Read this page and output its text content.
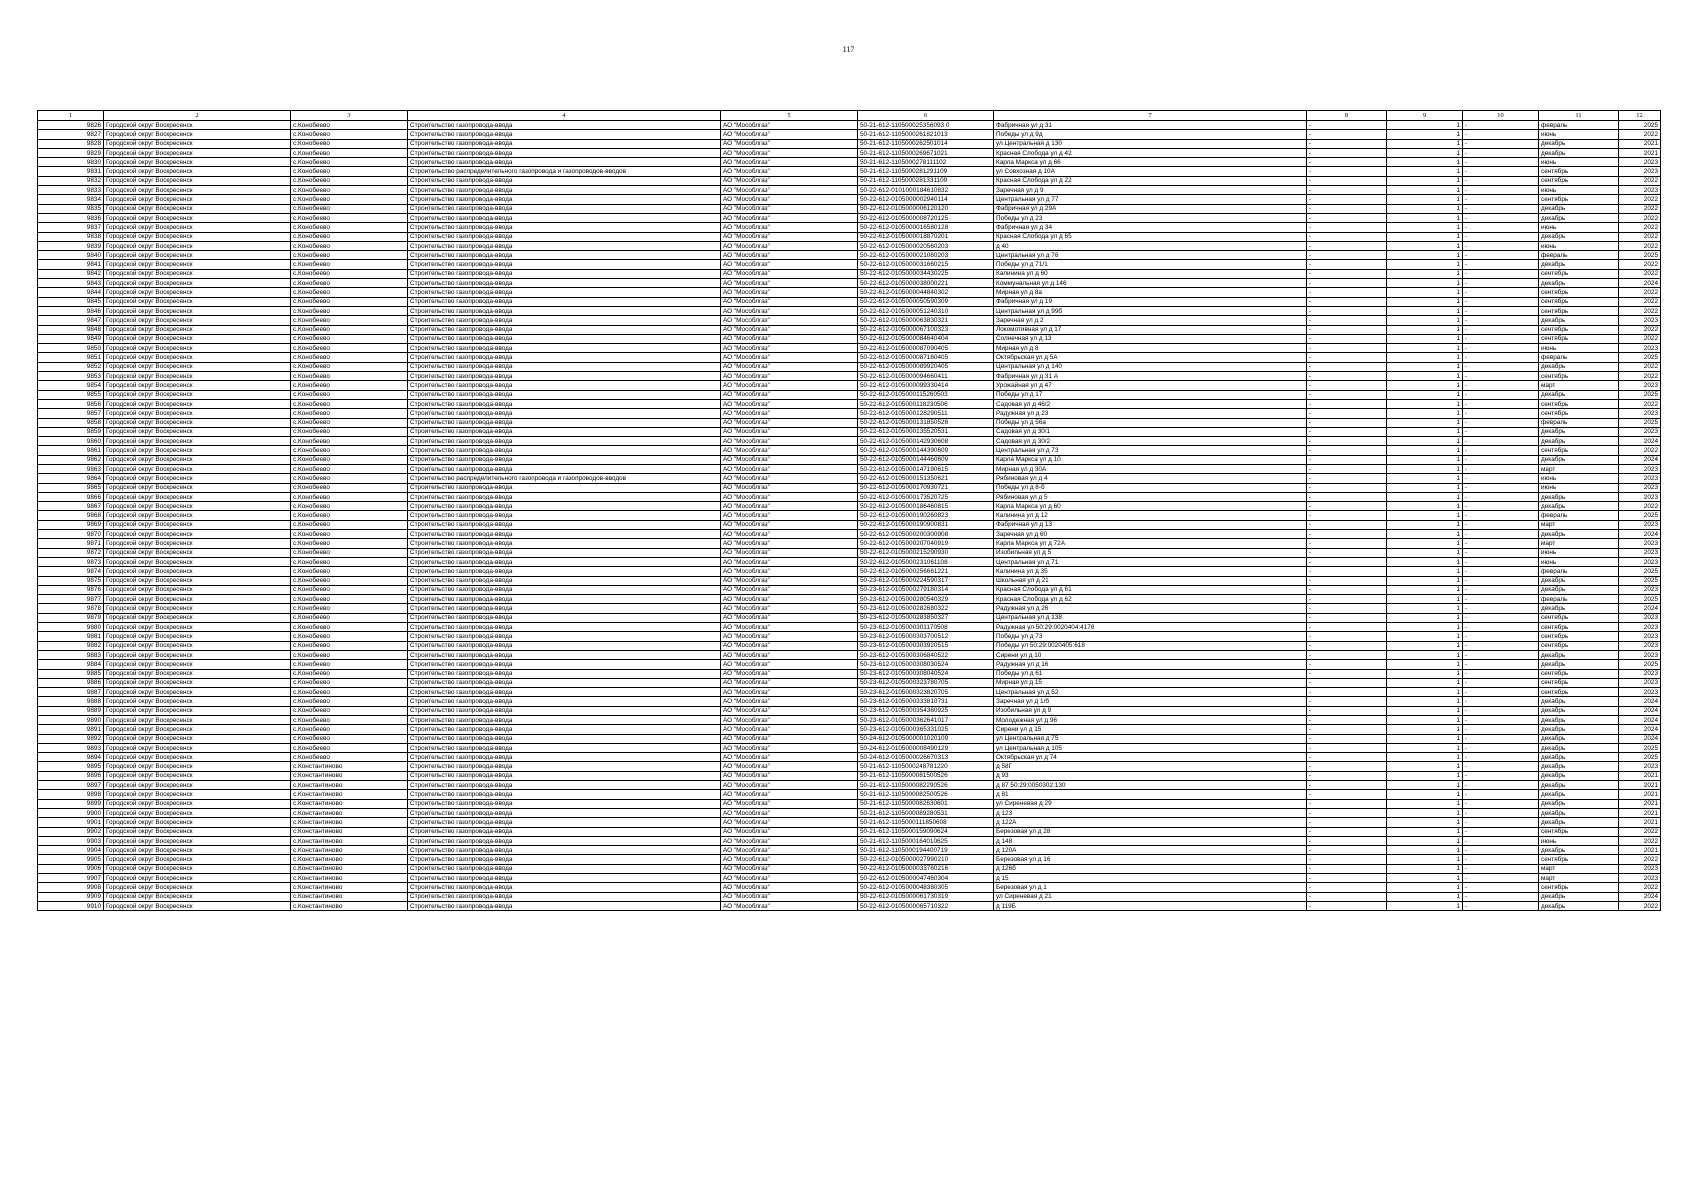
117
1	2	3	4	5	6	7	8	9	10	11	12
9826	Городской округ Воскресенск	с.Конобеево	Строительство газопровода-ввода	АО "Мособлгаз"	50-21-612-110500025356093 0	Фабричная ул д 31	-	1	-	февраль	2025
9827	Городской округ Воскресенск	с.Конобеево	Строительство газопровода-ввода	АО "Мособлгаз"	50-21-612-1105000261821013	Победы ул д 9д	-	1	-	июнь	2022
9828	Городской округ Воскресенск	с.Конобеево	Строительство газопровода-ввода	АО "Мособлгаз"	50-21-612-1105000262501014	ул Центральная д 130	-	1	-	декабрь	2021
9829	Городской округ Воскресенск	с.Конобеево	Строительство газопровода-ввода	АО "Мособлгаз"	50-21-612-1105000269671021	Красная Слобода ул д 42	-	1	-	декабрь	2021
9830	Городской округ Воскресенск	с.Конобеево	Строительство газопровода-ввода	АО "Мособлгаз"	50-21-612-1105000278111102	Карла Маркса ул д 66	-	1	-	июнь	2023
9831	Городской округ Воскресенск	с.Конобеево	Строительство распределительного газопровода и газопроводов-вводов	АО "Мособлгаз"	50-21-612-1105000281291109	ул Совхозная д 10А	-	1	-	сентябрь	2023
9832	Городской округ Воскресенск	с.Конобеево	Строительство газопровода-ввода	АО "Мособлгаз"	50-21-612-1105000281331109	Красная Слобода ул д 22	-	1	-	сентябрь	2022
9833	Городской округ Воскресенск	с.Конобеево	Строительство газопровода-ввода	АО "Мособлгаз"	50-22-612-0101000184610832	Заречная ул д 9	-	1	-	июнь	2023
9834	Городской округ Воскресенск	с.Конобеево	Строительство газопровода-ввода	АО "Мособлгаз"	50-22-612-0105000002940114	Центральная ул д 77	-	1	-	сентябрь	2022
9835	Городской округ Воскресенск	с.Конобеево	Строительство газопровода-ввода	АО "Мособлгаз"	50-22-612-0105000006120120	Фабричная ул д 29А	-	1	-	декабрь	2022
9836	Городской округ Воскресенск	с.Конобеево	Строительство газопровода-ввода	АО "Мособлгаз"	50-22-612-0105000008720125	Победы ул д 23	-	1	-	декабрь	2022
9837	Городской округ Воскресенск	с.Конобеево	Строительство газопровода-ввода	АО "Мособлгаз"	50-22-612-0105000016580128	Фабричная ул д 34	-	1	-	июнь	2022
9838	Городской округ Воскресенск	с.Конобеево	Строительство газопровода-ввода	АО "Мособлгаз"	50-22-612-0105000018870201	Красная Слобода ул д 65	-	1	-	декабрь	2022
9839	Городской округ Воскресенск	с.Конобеево	Строительство газопровода-ввода	АО "Мособлгаз"	50-22-612-0105000020560203	д 40	-	1	-	июнь	2022
9840	Городской округ Воскресенск	с.Конобеево	Строительство газопровода-ввода	АО "Мособлгаз"	50-22-612-0105000021060203	Центральная ул д 76	-	1	-	февраль	2025
9841	Городской округ Воскресенск	с.Конобеево	Строительство газопровода-ввода	АО "Мособлгаз"	50-22-612-0105000031660215	Победы ул д 71/1	-	1	-	декабрь	2022
9842	Городской округ Воскресенск	с.Конобеево	Строительство газопровода-ввода	АО "Мособлгаз"	50-22-612-0105000034430225	Калинина ул д 60	-	1	-	сентябрь	2022
9843	Городской округ Воскресенск	с.Конобеево	Строительство газопровода-ввода	АО "Мособлгаз"	50-22-612-0105000038000221	Коммунальная ул д 146	-	1	-	декабрь	2024
9844	Городской округ Воскресенск	с.Конобеево	Строительство газопровода-ввода	АО "Мособлгаз"	50-22-612-0105000044840302	Мирная ул д 8а	-	1	-	сентябрь	2022
9845	Городской округ Воскресенск	с.Конобеево	Строительство газопровода-ввода	АО "Мособлгаз"	50-22-612-0105000050590309	Фабричная ул д 19	-	1	-	сентябрь	2022
9846	Городской округ Воскресенск	с.Конобеево	Строительство газопровода-ввода	АО "Мособлгаз"	50-22-612-0105000051240310	Центральная ул д 99б	-	1	-	сентябрь	2022
9847	Городской округ Воскресенск	с.Конобеево	Строительство газопровода-ввода	АО "Мособлгаз"	50-22-612-0105000063830321	Заречная ул д 2	-	1	-	декабрь	2023
9848	Городской округ Воскресенск	с.Конобеево	Строительство газопровода-ввода	АО "Мособлгаз"	50-22-612-0105000067100323	Локомотивная ул д 17	-	1	-	сентябрь	2022
9849	Городской округ Воскресенск	с.Конобеево	Строительство газопровода-ввода	АО "Мособлгаз"	50-22-612-0105000084640404	Солнечная ул д 13	-	1	-	сентябрь	2022
9850	Городской округ Воскресенск	с.Конобеево	Строительство газопровода-ввода	АО "Мособлгаз"	50-22-612-0105000087090405	Мирная ул д 8	-	1	-	июнь	2023
9851	Городской округ Воскресенск	с.Конобеево	Строительство газопровода-ввода	АО "Мособлгаз"	50-22-612-0105000087160405	Октябрьская ул д 5А	-	1	-	февраль	2025
9852	Городской округ Воскресенск	с.Конобеево	Строительство газопровода-ввода	АО "Мособлгаз"	50-22-612-0105000089920405	Центральная ул д 140	-	1	-	декабрь	2022
9853	Городской округ Воскресенск	с.Конобеево	Строительство газопровода-ввода	АО "Мособлгаз"	50-22-612-0105000094660411	Фабричная ул д 31 А	-	1	-	сентябрь	2022
9854	Городской округ Воскресенск	с.Конобеево	Строительство газопровода-ввода	АО "Мособлгаз"	50-22-612-0105000099330414	Урожайная ул д 47	-	1	-	март	2023
9855	Городской округ Воскресенск	с.Конобеево	Строительство газопровода-ввода	АО "Мособлгаз"	50-22-612-0105000115260503	Победы ул д 17	-	1	-	декабрь	2025
9856	Городской округ Воскресенск	с.Конобеево	Строительство газопровода-ввода	АО "Мособлгаз"	50-22-612-0105000118230506	Садовая ул д 46/2	-	1	-	сентябрь	2022
9857	Городской округ Воскресенск	с.Конобеево	Строительство газопровода-ввода	АО "Мособлгаз"	50-22-612-0105000128290511	Радужная ул д 23	-	1	-	сентябрь	2023
9858	Городской округ Воскресенск	с.Конобеево	Строительство газопровода-ввода	АО "Мособлгаз"	50-22-612-0105000131850526	Победы ул д 56а	-	1	-	февраль	2025
9859	Городской округ Воскресенск	с.Конобеево	Строительство газопровода-ввода	АО "Мособлгаз"	50-22-612-0105000135520531	Садовая ул д 30/1	-	1	-	декабрь	2023
9860	Городской округ Воскресенск	с.Конобеево	Строительство газопровода-ввода	АО "Мособлгаз"	50-22-612-0105000142930608	Садовая ул д 30/2	-	1	-	декабрь	2024
9861	Городской округ Воскресенск	с.Конобеево	Строительство газопровода-ввода	АО "Мособлгаз"	50-22-612-0105000144390609	Центральная ул д 73	-	1	-	сентябрь	2022
9862	Городской округ Воскресенск	с.Конобеево	Строительство газопровода-ввода	АО "Мособлгаз"	50-22-612-0105000144460609	Карла Маркса ул д 10	-	1	-	декабрь	2024
9863	Городской округ Воскресенск	с.Конобеево	Строительство газопровода-ввода	АО "Мособлгаз"	50-22-612-0105000147190615	Мирная ул д 30А	-	1	-	март	2023
9864	Городской округ Воскресенск	с.Конобеево	Строительство распределительного газопровода и газопроводов-вводов	АО "Мособлгаз"	50-22-612-0105000151350621	Рябиновая ул д 4	-	1	-	июнь	2023
9865	Городской округ Воскресенск	с.Конобеево	Строительство газопровода-ввода	АО "Мособлгаз"	50-22-612-0105000170930721	Победы ул д 8-б	-	1	-	июнь	2023
9866	Городской округ Воскресенск	с.Конобеево	Строительство газопровода-ввода	АО "Мособлгаз"	50-22-612-0105000173520725	Рябиновая ул д 5	-	1	-	декабрь	2023
9867	Городской округ Воскресенск	с.Конобеево	Строительство газопровода-ввода	АО "Мособлгаз"	50-22-612-0105000186460815	Карла Маркса ул д 60	-	1	-	декабрь	2022
9868	Городской округ Воскресенск	с.Конобеево	Строительство газопровода-ввода	АО "Мособлгаз"	50-22-612-0105000190260823	Калинина ул д 12	-	1	-	февраль	2025
9869	Городской округ Воскресенск	с.Конобеево	Строительство газопровода-ввода	АО "Мособлгаз"	50-22-612-0105000190900831	Фабричная ул д 13	-	1	-	март	2023
9870	Городской округ Воскресенск	с.Конобеево	Строительство газопровода-ввода	АО "Мособлгаз"	50-22-612-0105000200300908	Заречная ул д 60	-	1	-	декабрь	2024
9871	Городской округ Воскресенск	с.Конобеево	Строительство газопровода-ввода	АО "Мособлгаз"	50-22-612-0105000207040919	Карла Маркса ул д 72А	-	1	-	март	2023
9872	Городской округ Воскресенск	с.Конобеево	Строительство газопровода-ввода	АО "Мособлгаз"	50-22-612-0105000215290930	Изобильная ул д 5	-	1	-	июнь	2023
9873	Городской округ Воскресенск	с.Конобеево	Строительство газопровода-ввода	АО "Мособлгаз"	50-22-612-0105000231061108	Центральная ул д 71	-	1	-	июнь	2023
9874	Городской округ Воскресенск	с.Конобеево	Строительство газопровода-ввода	АО "Мособлгаз"	50-22-612-0105000256661221	Калинина ул д 35	-	1	-	февраль	2025
9875	Городской округ Воскресенск	с.Конобеево	Строительство газопровода-ввода	АО "Мособлгаз"	50-23-612-0105000224590317	Школьная ул д 21	-	1	-	декабрь	2025
9876	Городской округ Воскресенск	с.Конобеево	Строительство газопровода-ввода	АО "Мособлгаз"	50-23-612-0105000279180314	Красная Слобода ул д 61	-	1	-	декабрь	2023
9877	Городской округ Воскресенск	с.Конобеево	Строительство газопровода-ввода	АО "Мособлгаз"	50-23-612-0105000280540329	Красная Слобода ул д 62	-	1	-	февраль	2025
9878	Городской округ Воскресенск	с.Конобеево	Строительство газопровода-ввода	АО "Мособлгаз"	50-23-612-0105000282680322	Радужная ул д 26	-	1	-	декабрь	2024
9879	Городской округ Воскресенск	с.Конобеево	Строительство газопровода-ввода	АО "Мособлгаз"	50-23-612-0105000283850327	Центральная ул д 138	-	1	-	сентябрь	2023
9880	Городской округ Воскресенск	с.Конобеево	Строительство газопровода-ввода	АО "Мособлгаз"	50-23-612-0105000301170508	Радужная ул 50:29:0020404:4176	-	1	-	сентябрь	2023
9881	Городской округ Воскресенск	с.Конобеево	Строительство газопровода-ввода	АО "Мособлгаз"	50-23-612-0105000303700512	Победы ул д 73	-	1	-	сентябрь	2023
9882	Городской округ Воскресенск	с.Конобеево	Строительство газопровода-ввода	АО "Мособлгаз"	50-23-612-0105000303920515	Победы ул 50:29:0020405:618	-	1	-	сентябрь	2023
9883	Городской округ Воскресенск	с.Конобеево	Строительство газопровода-ввода	АО "Мособлгаз"	50-23-612-0105000306840522	Сирени ул д 10	-	1	-	декабрь	2023
9884	Городской округ Воскресенск	с.Конобеево	Строительство газопровода-ввода	АО "Мособлгаз"	50-23-612-0105000308030524	Радужная ул д 16	-	1	-	декабрь	2025
9885	Городской округ Воскресенск	с.Конобеево	Строительство газопровода-ввода	АО "Мособлгаз"	50-23-612-0105000308040524	Победы ул д 61	-	1	-	сентябрь	2023
9886	Городской округ Воскресенск	с.Конобеево	Строительство газопровода-ввода	АО "Мособлгаз"	50-23-612-0105000323780705	Мирная ул д 15	-	1	-	сентябрь	2023
9887	Городской округ Воскресенск	с.Конобеево	Строительство газопровода-ввода	АО "Мособлгаз"	50-23-612-0105000323820705	Центральная ул д 52	-	1	-	сентябрь	2023
9888	Городской округ Воскресенск	с.Конобеево	Строительство газопровода-ввода	АО "Мособлгаз"	50-23-612-0105000333810731	Заречная ул д 1/б	-	1	-	декабрь	2024
9889	Городской округ Воскресенск	с.Конобеево	Строительство газопровода-ввода	АО "Мособлгаз"	50-23-612-0105000354360925	Изобильная ул д 9	-	1	-	декабрь	2024
9890	Городской округ Воскресенск	с.Конобеево	Строительство газопровода-ввода	АО "Мособлгаз"	50-23-612-0105000362641017	Молодежная ул д 96	-	1	-	декабрь	2024
9891	Городской округ Воскресенск	с.Конобеево	Строительство газопровода-ввода	АО "Мособлгаз"	50-23-612-0105000365331025	Сирени ул д 15	-	1	-	декабрь	2024
9892	Городской округ Воскресенск	с.Конобеево	Строительство газопровода-ввода	АО "Мособлгаз"	50-24-612-0105000001020109	ул Центральная д 75	-	1	-	декабрь	2024
9893	Городской округ Воскресенск	с.Конобеево	Строительство газопровода-ввода	АО "Мособлгаз"	50-24-612-0105000008490129	ул Центральная д 105	-	1	-	декабрь	2025
9894	Городской округ Воскресенск	с.Конобеево	Строительство газопровода-ввода	АО "Мособлгаз"	50-24-612-0105000026670313	Октябрьская ул д 74	-	1	-	декабрь	2025
9895	Городской округ Воскресенск	с.Константиново	Строительство газопровода-ввода	АО "Мособлгаз"	50-21-612-1105000248781220	д 58Г	-	1	-	декабрь	2023
9896	Городской округ Воскресенск	с.Константиново	Строительство газопровода-ввода	АО "Мособлгаз"	50-21-612-1105000081500526	д 93	-	1	-	декабрь	2021
9897	Городской округ Воскресенск	с.Константиново	Строительство газопровода-ввода	АО "Мособлгаз"	50-21-612-1105000082290526	д 87 50:29:0050302:130	-	1	-	декабрь	2021
9898	Городской округ Воскресенск	с.Константиново	Строительство газопровода-ввода	АО "Мособлгаз"	50-21-612-1105000082500526	д 81	-	1	-	декабрь	2021
9899	Городской округ Воскресенск	с.Константиново	Строительство газопровода-ввода	АО "Мособлгаз"	50-21-612-1105000082630601	ул Сиреневая д 29	-	1	-	декабрь	2021
9900	Городской округ Воскресенск	с.Константиново	Строительство газопровода-ввода	АО "Мособлгаз"	50-21-612-1105000089280531	д 123	-	1	-	декабрь	2021
9901	Городской округ Воскресенск	с.Константиново	Строительство газопровода-ввода	АО "Мособлгаз"	50-21-612-1105000111850608	д 122А	-	1	-	декабрь	2021
9902	Городской округ Воскресенск	с.Константиново	Строительство газопровода-ввода	АО "Мособлгаз"	50-21-612-1105000159090624	Березовая ул д 28	-	1	-	сентябрь	2022
9903	Городской округ Воскресенск	с.Константиново	Строительство газопровода-ввода	АО "Мособлгаз"	50-21-612-1105000164010625	д 148	-	1	-	июнь	2022
9904	Городской округ Воскресенск	с.Константиново	Строительство газопровода-ввода	АО "Мособлгаз"	50-21-612-1105000194400719	д 120А	-	1	-	декабрь	2021
9905	Городской округ Воскресенск	с.Константиново	Строительство газопровода-ввода	АО "Мособлгаз"	50-22-612-0105000027990210	Березовая ул д 16	-	1	-	сентябрь	2022
9906	Городской округ Воскресенск	с.Константиново	Строительство газопровода-ввода	АО "Мособлгаз"	50-22-612-0105000033760216	д 126б	-	1	-	март	2023
9907	Городской округ Воскресенск	с.Константиново	Строительство газопровода-ввода	АО "Мособлгаз"	50-22-612-0105000047460304	д 15	-	1	-	март	2023
9908	Городской округ Воскресенск	с.Константиново	Строительство газопровода-ввода	АО "Мособлгаз"	50-22-612-0105000048380305	Березовая ул д 1	-	1	-	сентябрь	2022
9909	Городской округ Воскресенск	с.Константиново	Строительство газопровода-ввода	АО "Мособлгаз"	50-22-612-0105000061730319	ул Сиреневая д 21	-	1	-	декабрь	2024
9910	Городской округ Воскресенск	с.Константиново	Строительство газопровода-ввода	АО "Мособлгаз"	50-22-612-0105000065710322	д 119Б	-	1	-	декабрь	2022
